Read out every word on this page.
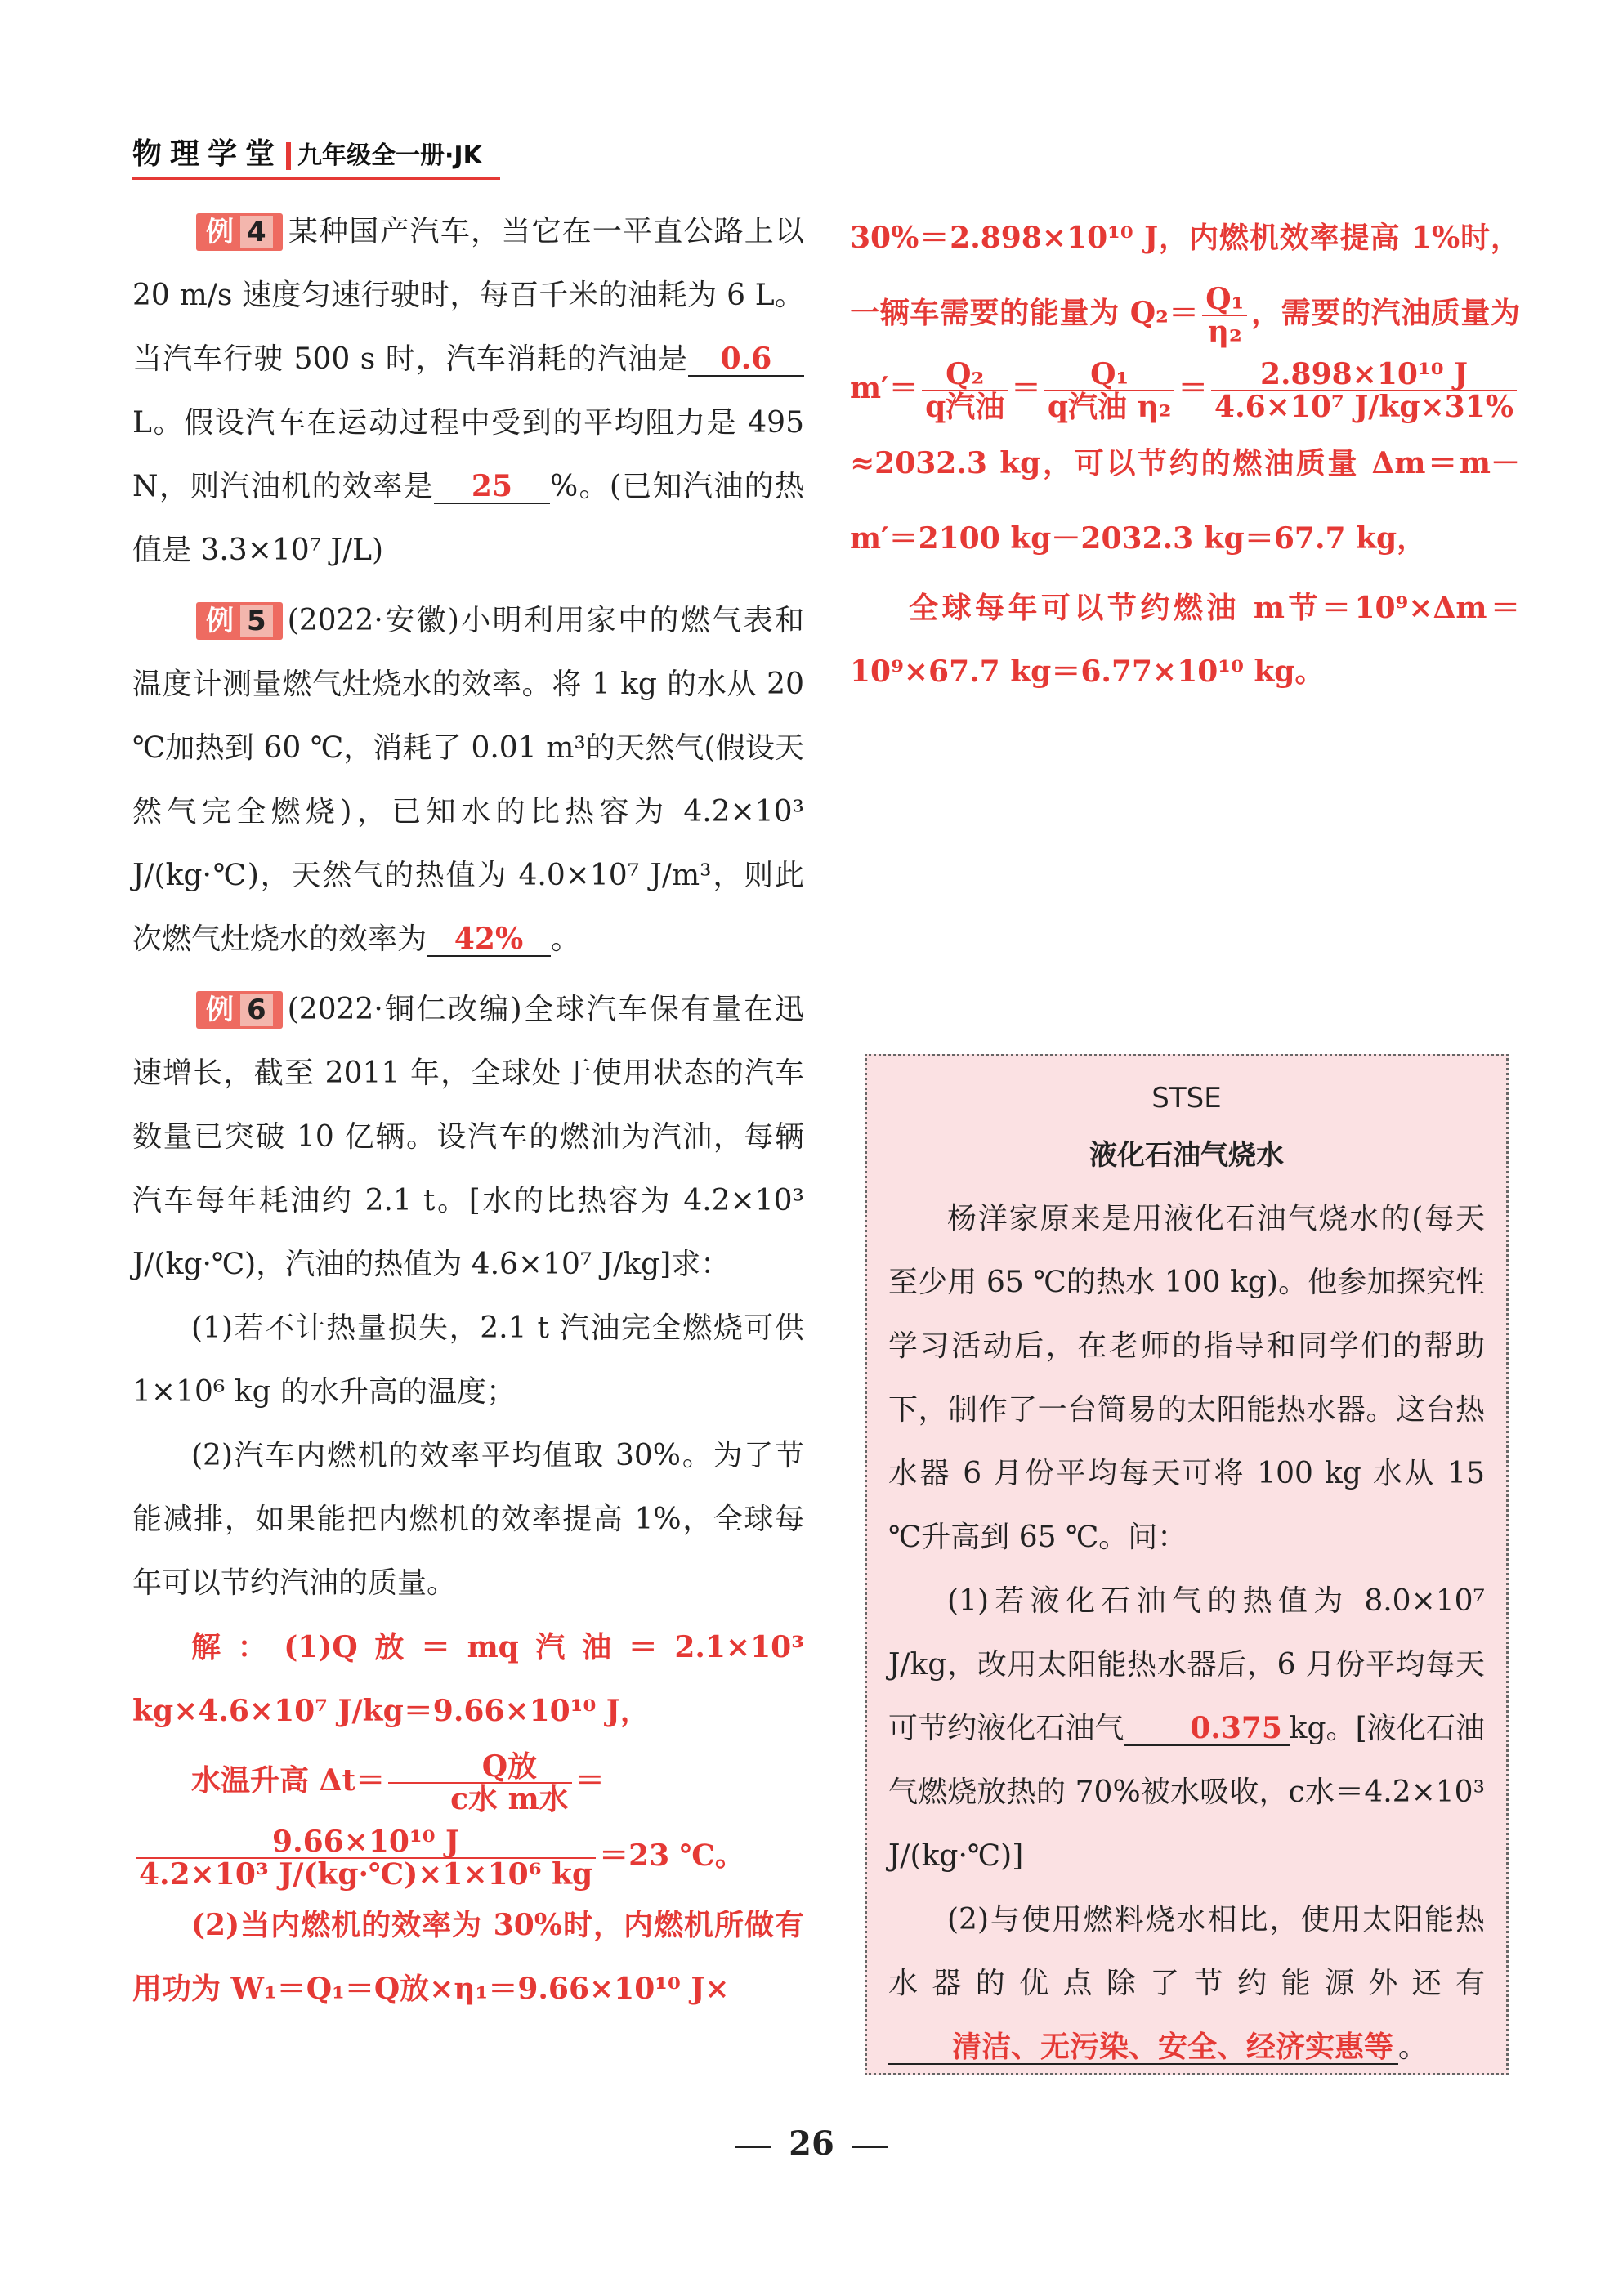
物理学堂 九年级全一册·JK

例 4 某种国产汽车，当它在一平直公路上以 20 m/s 速度匀速行驶时，每百千米的油耗为 6 L。当汽车行驶 500 s 时，汽车消耗的汽油是 0.6L。假设汽车在运动过程中受到的平均阻力是 495 N，则汽油机的效率是 25 %。(已知汽油的热值是 3.3×10⁷ J/L)

例 5 (2022·安徽)小明利用家中的燃气表和温度计测量燃气灶烧水的效率。将 1 kg 的水从 20 ℃加热到 60 ℃，消耗了 0.01 m³的天然气(假设天然气完全燃烧)，已知水的比热容为 4.2×10³ J/(kg·℃)，天然气的热值为 4.0×10⁷ J/m³，则此次燃气灶烧水的效率为 42% 。

例 6 (2022·铜仁改编)全球汽车保有量在迅速增长，截至 2011 年，全球处于使用状态的汽车数量已突破 10 亿辆。设汽车的燃油为汽油，每辆汽车每年耗油约 2.1 t。[水的比热容为 4.2×10³ J/(kg·℃)，汽油的热值为 4.6×10⁷ J/kg]求：

(1)若不计热量损失，2.1 t 汽油完全燃烧可供 1×10⁶ kg 的水升高的温度；

(2)汽车内燃机的效率平均值取 30%。为了节能减排，如果能把内燃机的效率提高 1%，全球每年可以节约汽油的质量。

解：(1)Q放＝mq汽油＝2.1×10³ kg×4.6×10⁷ J/kg＝9.66×10¹⁰ J，

水温升高 $\Delta t= \frac{\text{Q放}}{\text{c水 m水}}$ ＝

$\frac{\text{9.66×10¹⁰ J}}{\text{4.2×10³ J/(kg·℃)×1×10⁶ kg}} =23$ ℃。

(2)当内燃机的效率为 30%时，内燃机所做有用功为 W₁＝Q₁＝Q放×η₁＝9.66×10¹⁰ J×

30%＝2.898×10¹⁰ J，内燃机效率提高 1%时，一辆车需要的能量为 $Q_2= \frac{\text{Q₁}}{\text{η₂}}$ ，需要的汽油质量为 $m'= \frac{\text{Q₂}}{\text{q汽油}} = \frac{\text{Q₁}}{\text{q汽油 η₂}} = \frac{\text{2.898×10¹⁰ J}}{\text{4.6×10⁷ J/kg×31\%}}$
≈2032.3 kg，可以节约的燃油质量 Δm＝m－m′＝2100 kg－2032.3 kg＝67.7 kg，

全球每年可以节约燃油 m节＝10⁹×Δm＝10⁹×67.7 kg＝6.77×10¹⁰ kg。

STSE
液化石油气烧水

杨洋家原来是用液化石油气烧水的(每天至少用 65 ℃的热水 100 kg)。他参加探究性学习活动后，在老师的指导和同学们的帮助下，制作了一台简易的太阳能热水器。这台热水器 6 月份平均每天可将 100 kg 水从 15 ℃升高到 65 ℃。问：

(1)若液化石油气的热值为 8.0×10⁷ J/kg，改用太阳能热水器后，6 月份平均每天可节约液化石油气 0.375 kg。[液化石油气燃烧放热的 70%被水吸收，c水＝4.2×10³ J/(kg·℃)]

(2)与使用燃料烧水相比，使用太阳能热水器的优点除了节约能源外还有清洁、无污染、安全、经济实惠等 。

26
